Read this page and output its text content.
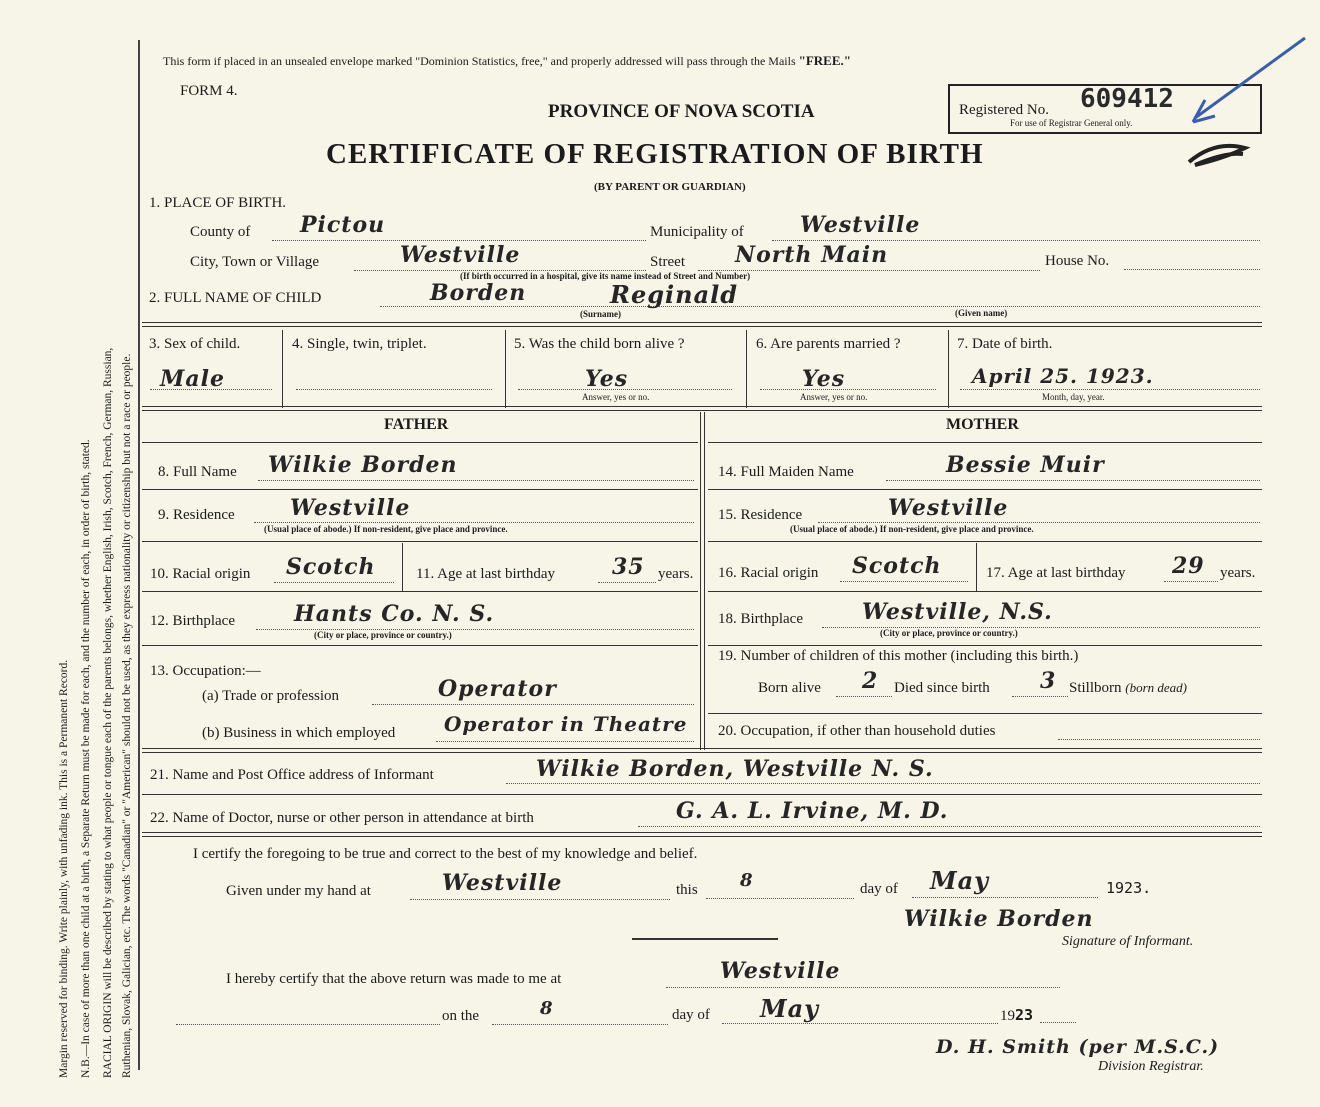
Margin reserved for binding. Write plainly, with unfading ink. This is a Permanent Record. N.B.—In case of more than one child at a birth, a Separate Return must be made for each, and the number of each, in order of birth, stated. RACIAL ORIGIN will be described by stating to what people or tongue each of the parents belongs, whether English, Irish, Scotch, French, German, Russian, Ruthenian, Slovak, Galician, etc. The words "Canadian" or "American" should not be used, as they express nationality or citizenship but not a race or people.
This form if placed in an unsealed envelope marked "Dominion Statistics, free," and properly addressed will pass through the Mails "FREE."
FORM 4.
PROVINCE OF NOVA SCOTIA
CERTIFICATE OF REGISTRATION OF BIRTH
(BY PARENT OR GUARDIAN)
Registered No. 609412
For use of Registrar General only.
1. PLACE OF BIRTH.
County of Pictou	Municipality of	Westville
City, Town or Village	Westville	Street North Main	House No.
(If birth occurred in a hospital, give its name instead of Street and Number)
2. FULL NAME OF CHILD	Borden	Reginald
(Surname)	(Given name)
3. Sex of child.
Male
4. Single, twin, triplet.	5. Was the child born alive ?
Yes
Answer, yes or no.
6. Are parents married ?
Yes
Answer, yes or no.
7. Date of birth.
April 25. 1923.
Month, day, year.
FATHER	MOTHER
8. Full Name Wilkie Borden
9. Residence	Westville
(Usual place of abode.) If non-resident, give place and province.
10. Racial origin Scotch	11. Age at last birthday	35 years.
12. Birthplace	Hants Co. N. S.
(City or place, province or country.)
13. Occupation:—
(a) Trade or profession	Operator
(b) Business in which employed Operator in Theatre
14. Full Maiden Name	Bessie Muir
15. Residence	Westville
(Usual place of abode.) If non-resident, give place and province.
16. Racial origin Scotch	17. Age at last birthday 29 years.
18. Birthplace	Westville, N.S.
(City or place, province or country.)
19. Number of children of this mother (including this birth.)
Born alive 2 Died since birth 3 Stillborn (born dead)
20. Occupation, if other than household duties
21. Name and Post Office address of Informant	Wilkie Borden, Westville N. S.
22. Name of Doctor, nurse or other person in attendance at birth	G. A. L. Irvine, M. D.
I certify the foregoing to be true and correct to the best of my knowledge and belief.
Given under my hand at	Westville	this 8	day of May	1923.
Wilkie Borden
Signature of Informant.
I hereby certify that the above return was made to me at	Westville
on the	8	day of May	1923
D. H. Smith (per M.S.C.)
Division Registrar.
